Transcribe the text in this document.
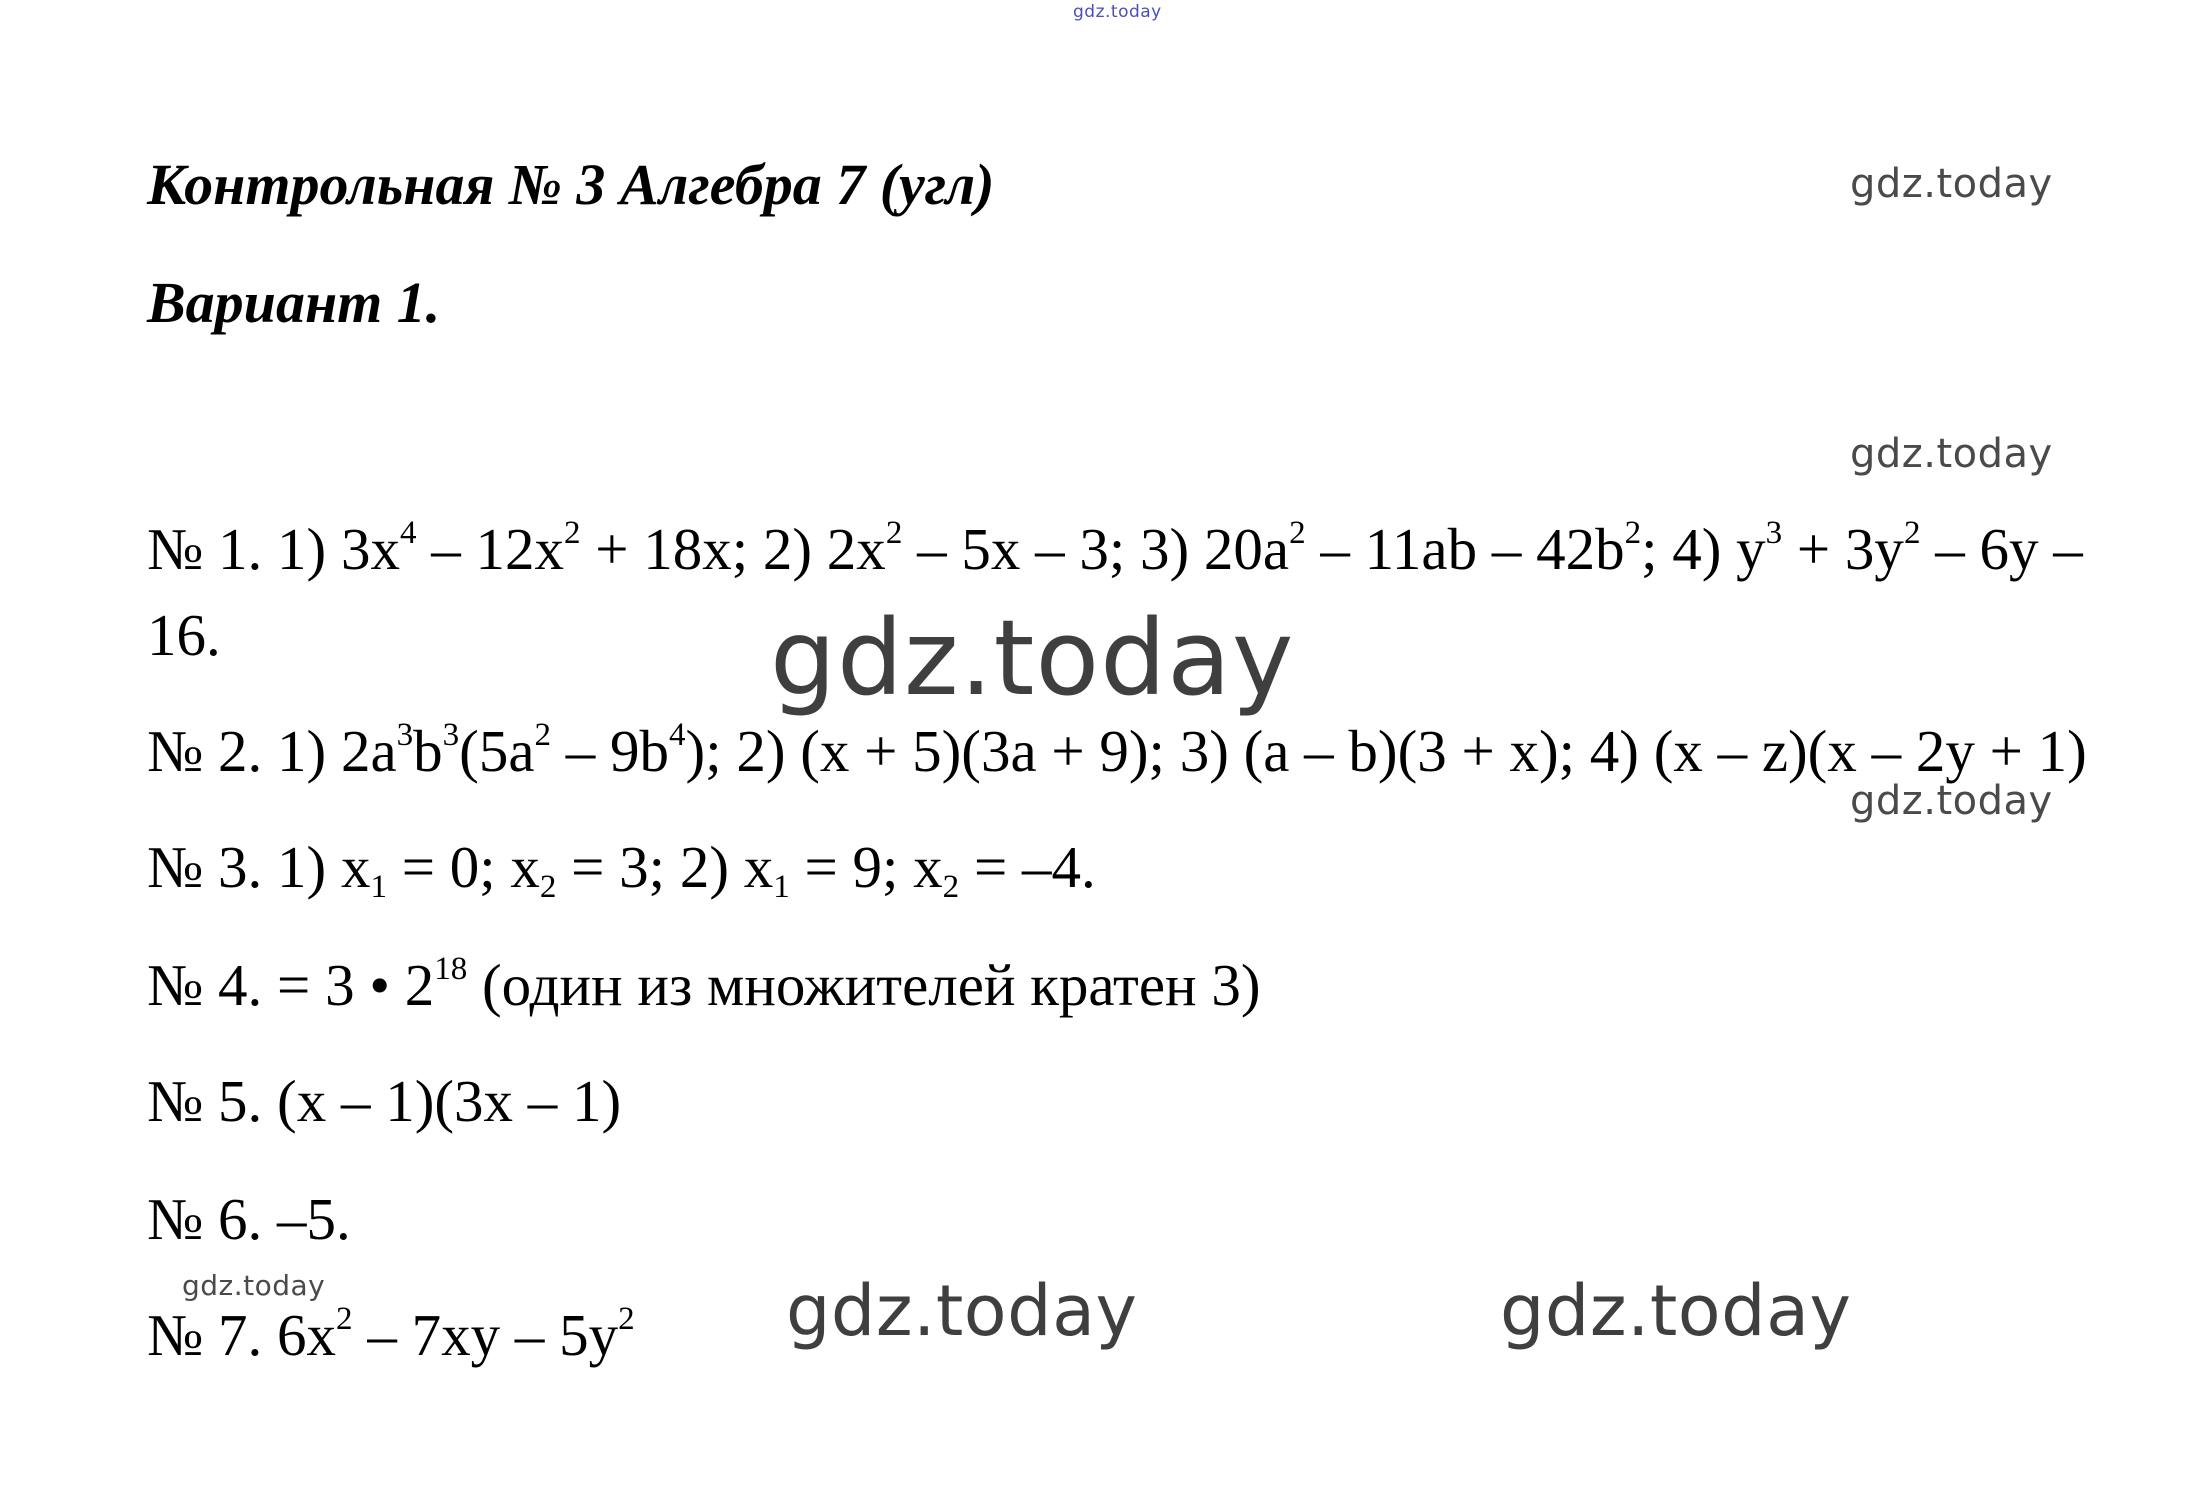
gdz.today
gdz.today
gdz.today
gdz.today
gdz.today
gdz.today	gdz.today	gdz.today
Контрольная № 3 Алгебра 7 (угл)
Вариант 1.
№ 1. 1) $3x^4 - 12x^2 + 18x$; 2) $2x^2 - 5x - 3$; 3) $20a^2 - 11ab - 42b^2$; 4) $y^3 + 3y^2 - 6y$ –
16.
№ 2. 1) $2a^3b^3(5a^2 - 9b^4)$; 2) (x + 5)(3a + 9); 3) (a – b)(3 + x); 4) (x – z)(x – 2y + 1)
№ 3. 1) $x_1 = 0$; $x_2 = 3$; 2) $x_1 = 9$; $x_2 = -4$.
№ 4. = 3 • $2^{18}$ (один из множителей кратен 3)
№ 5. (x – 1)(3x – 1)
№ 6. –5.
№ 7. $6x^2 - 7xy - 5y^2$
